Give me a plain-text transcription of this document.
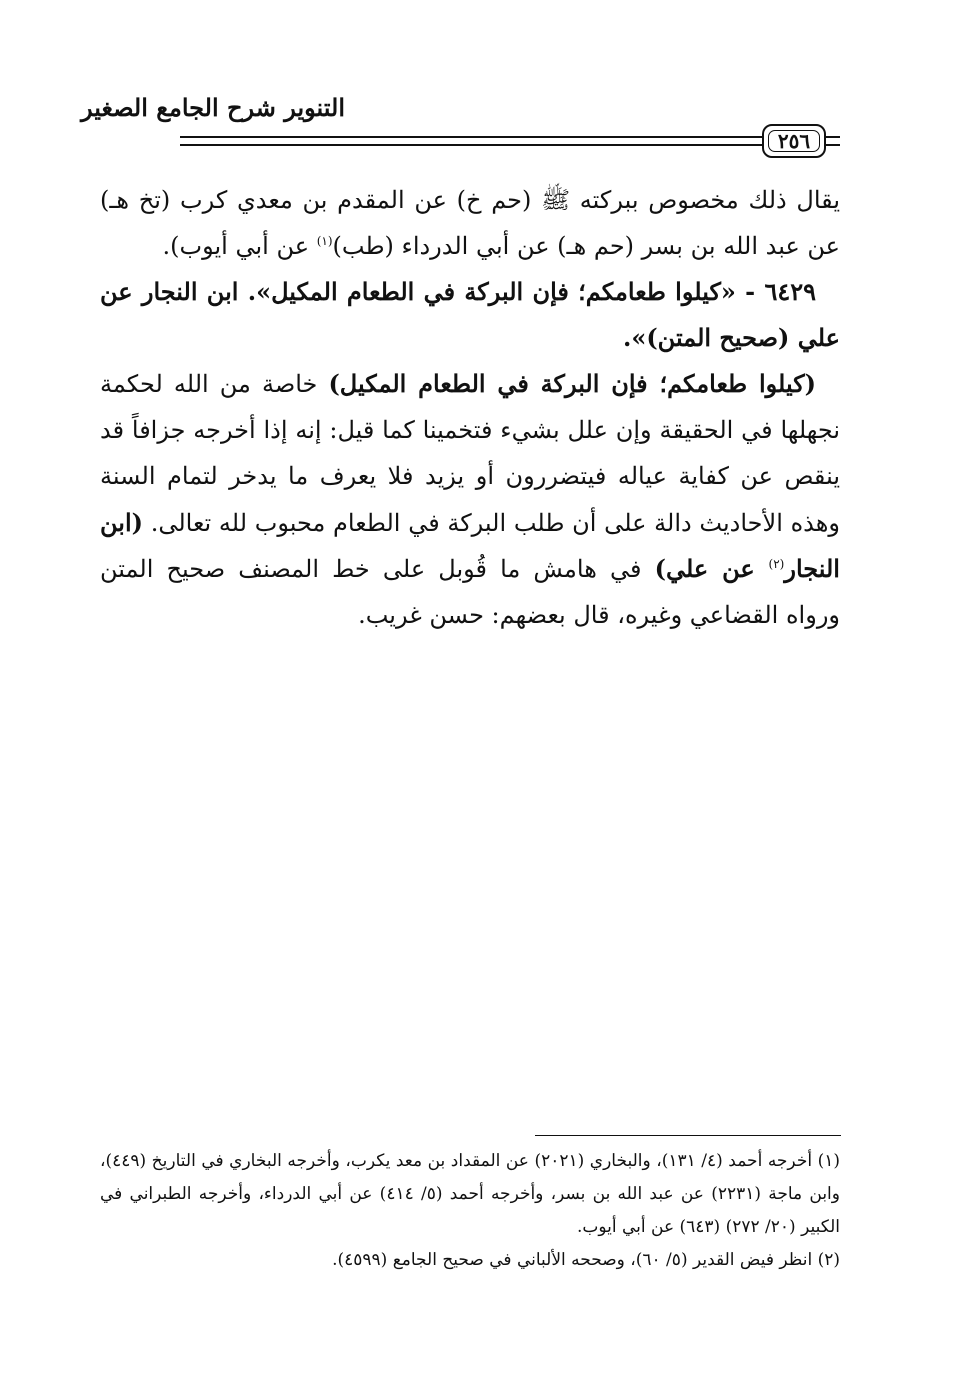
التنوير شرح الجامع الصغير
٢٥٦

يقال ذلك مخصوص ببركته ﷺ (حم خ) عن المقدم بن معدي كرب (تخ هـ) عن عبد الله بن بسر (حم هـ) عن أبي الدرداء (طب)$^{(١)}$ عن أبي أيوب).

٦٤٢٩ - «كيلوا طعامكم؛ فإن البركة في الطعام المكيل». ابن النجار عن علي (صحيح المتن)».

(كيلوا طعامكم؛ فإن البركة في الطعام المكيل) خاصة من الله لحكمة نجهلها في الحقيقة وإن علل بشيء فتخمينا كما قيل: إنه إذا أخرجه جزافاً قد ينقص عن كفاية عياله فيتضررون أو يزيد فلا يعرف ما يدخر لتمام السنة وهذه الأحاديث دالة على أن طلب البركة في الطعام محبوب لله تعالى. (ابن النجار$^{(٢)}$ عن علي) في هامش ما قُوبل على خط المصنف صحيح المتن ورواه القضاعي وغيره، قال بعضهم: حسن غريب.

(١) أخرجه أحمد (٤/ ١٣١)، والبخاري (٢٠٢١) عن المقداد بن معد يكرب، وأخرجه البخاري في التاريخ (٤٤٩)، وابن ماجة (٢٢٣١) عن عبد الله بن بسر، وأخرجه أحمد (٥/ ٤١٤) عن أبي الدرداء، وأخرجه الطبراني في الكبير (٢٠/ ٢٧٢) (٦٤٣) عن أبي أيوب.

(٢) انظر فيض القدير (٥/ ٦٠)، وصححه الألباني في صحيح الجامع (٤٥٩٩).
